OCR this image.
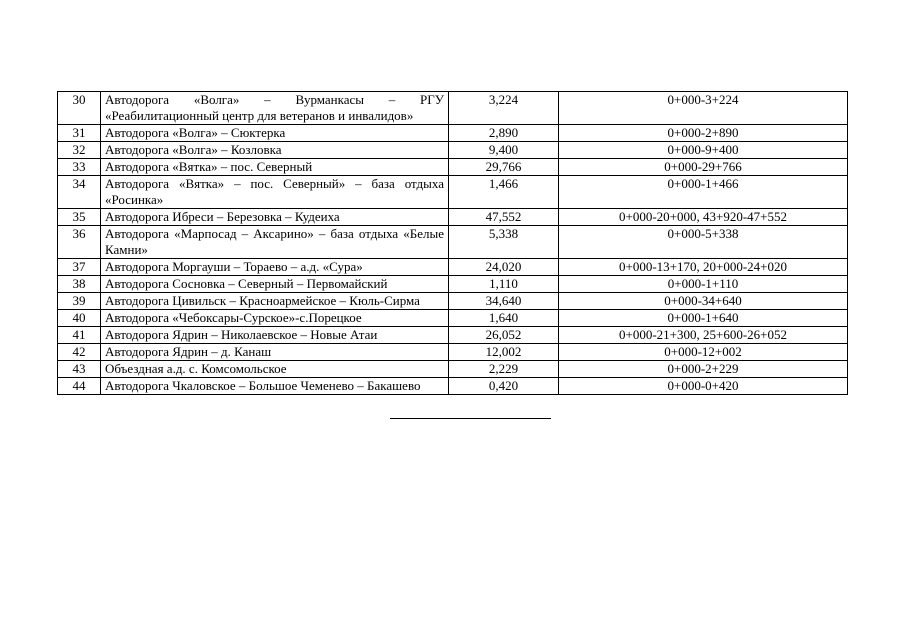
30	Автодорога «Волга» – Вурманкасы – РГУ «Реабилитационный центр для ветеранов и инвалидов»	3,224	0+000-3+224
31	Автодорога «Волга» – Сюктерка	2,890	0+000-2+890
32	Автодорога «Волга» – Козловка	9,400	0+000-9+400
33	Автодорога «Вятка» – пос. Северный	29,766	0+000-29+766
34	Автодорога «Вятка» – пос. Северный» – база отдыха «Росинка»	1,466	0+000-1+466
35	Автодорога Ибреси – Березовка – Кудеиха	47,552	0+000-20+000, 43+920-47+552
36	Автодорога «Марпосад – Аксарино» – база отдыха «Белые Камни»	5,338	0+000-5+338
37	Автодорога Моргауши – Тораево – а.д. «Сура»	24,020	0+000-13+170, 20+000-24+020
38	Автодорога Сосновка – Северный – Первомайский	1,110	0+000-1+110
39	Автодорога Цивильск – Красноармейское – Кюль-Сирма	34,640	0+000-34+640
40	Автодорога «Чебоксары-Сурское»-с.Порецкое	1,640	0+000-1+640
41	Автодорога Ядрин – Николаевское – Новые Атаи	26,052	0+000-21+300, 25+600-26+052
42	Автодорога Ядрин – д. Канаш	12,002	0+000-12+002
43	Объездная а.д. с. Комсомольское	2,229	0+000-2+229
44	Автодорога Чкаловское – Большое Чеменево – Бакашево	0,420	0+000-0+420
